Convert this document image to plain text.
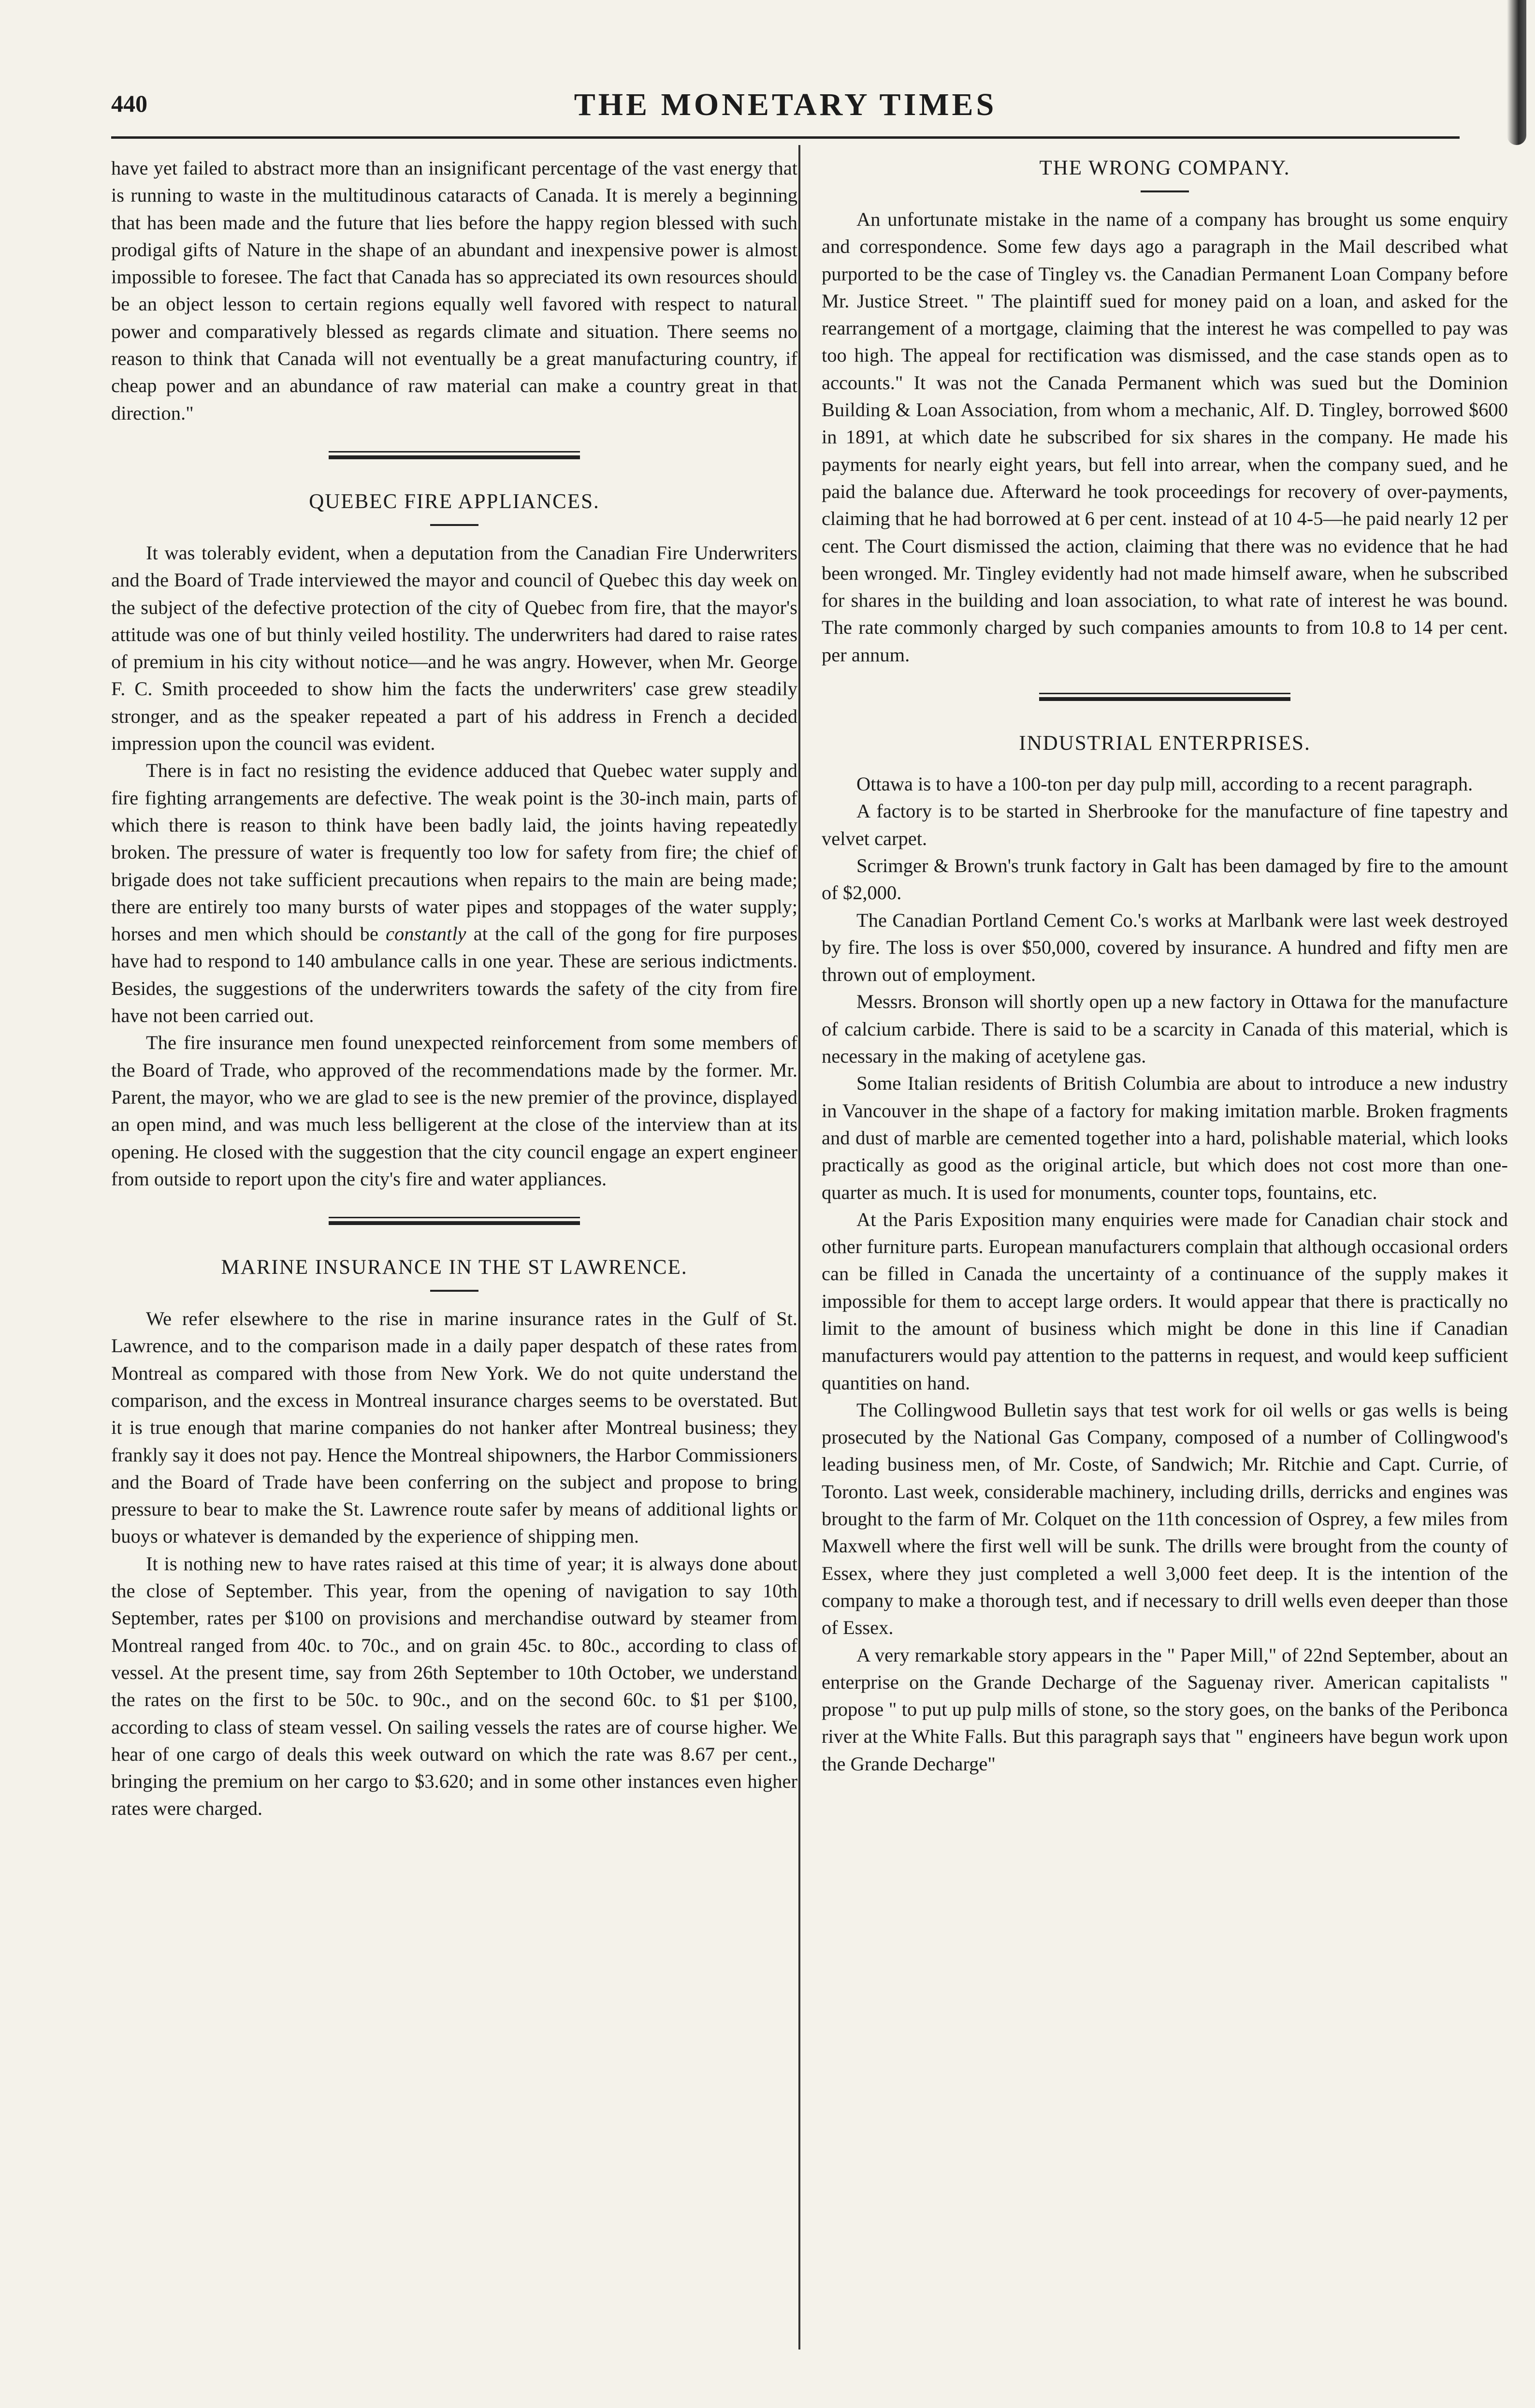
440	THE MONETARY TIMES

have yet failed to abstract more than an insignificant percentage of the vast energy that is running to waste in the multitudinous cataracts of Canada. It is merely a beginning that has been made and the future that lies before the happy region blessed with such prodigal gifts of Nature in the shape of an abundant and inexpensive power is almost impossible to foresee. The fact that Canada has so appreciated its own resources should be an object lesson to certain regions equally well favored with respect to natural power and comparatively blessed as regards climate and situation. There seems no reason to think that Canada will not eventually be a great manufacturing country, if cheap power and an abundance of raw material can make a country great in that direction."

QUEBEC FIRE APPLIANCES.

It was tolerably evident, when a deputation from the Canadian Fire Underwriters and the Board of Trade interviewed the mayor and council of Quebec this day week on the subject of the defective protection of the city of Quebec from fire, that the mayor's attitude was one of but thinly veiled hostility. The underwriters had dared to raise rates of premium in his city without notice—and he was angry. However, when Mr. George F. C. Smith proceeded to show him the facts the underwriters' case grew steadily stronger, and as the speaker repeated a part of his address in French a decided impression upon the council was evident.

There is in fact no resisting the evidence adduced that Quebec water supply and fire fighting arrangements are defective. The weak point is the 30-inch main, parts of which there is reason to think have been badly laid, the joints having repeatedly broken. The pressure of water is frequently too low for safety from fire; the chief of brigade does not take sufficient precautions when repairs to the main are being made; there are entirely too many bursts of water pipes and stoppages of the water supply; horses and men which should be constantly at the call of the gong for fire purposes have had to respond to 140 ambulance calls in one year. These are serious indictments. Besides, the suggestions of the underwriters towards the safety of the city from fire have not been carried out.

The fire insurance men found unexpected reinforcement from some members of the Board of Trade, who approved of the recommendations made by the former. Mr. Parent, the mayor, who we are glad to see is the new premier of the province, displayed an open mind, and was much less belligerent at the close of the interview than at its opening. He closed with the suggestion that the city council engage an expert engineer from outside to report upon the city's fire and water appliances.

MARINE INSURANCE IN THE ST LAWRENCE.

We refer elsewhere to the rise in marine insurance rates in the Gulf of St. Lawrence, and to the comparison made in a daily paper despatch of these rates from Montreal as compared with those from New York. We do not quite understand the comparison, and the excess in Montreal insurance charges seems to be overstated. But it is true enough that marine companies do not hanker after Montreal business; they frankly say it does not pay. Hence the Montreal shipowners, the Harbor Commissioners and the Board of Trade have been conferring on the subject and propose to bring pressure to bear to make the St. Lawrence route safer by means of additional lights or buoys or whatever is demanded by the experience of shipping men.

It is nothing new to have rates raised at this time of year; it is always done about the close of September. This year, from the opening of navigation to say 10th September, rates per $100 on provisions and merchandise outward by steamer from Montreal ranged from 40c. to 70c., and on grain 45c. to 80c., according to class of vessel. At the present time, say from 26th September to 10th October, we understand the rates on the first to be 50c. to 90c., and on the second 60c. to $1 per $100, according to class of steam vessel. On sailing vessels the rates are of course higher. We hear of one cargo of deals this week outward on which the rate was 8.67 per cent., bringing the premium on her cargo to $3.620; and in some other instances even higher rates were charged.

THE WRONG COMPANY.

An unfortunate mistake in the name of a company has brought us some enquiry and correspondence. Some few days ago a paragraph in the Mail described what purported to be the case of Tingley vs. the Canadian Permanent Loan Company before Mr. Justice Street. " The plaintiff sued for money paid on a loan, and asked for the rearrangement of a mortgage, claiming that the interest he was compelled to pay was too high. The appeal for rectification was dismissed, and the case stands open as to accounts." It was not the Canada Permanent which was sued but the Dominion Building & Loan Association, from whom a mechanic, Alf. D. Tingley, borrowed $600 in 1891, at which date he subscribed for six shares in the company. He made his payments for nearly eight years, but fell into arrear, when the company sued, and he paid the balance due. Afterward he took proceedings for recovery of over-payments, claiming that he had borrowed at 6 per cent. instead of at 10 4-5—he paid nearly 12 per cent. The Court dismissed the action, claiming that there was no evidence that he had been wronged. Mr. Tingley evidently had not made himself aware, when he subscribed for shares in the building and loan association, to what rate of interest he was bound. The rate commonly charged by such companies amounts to from 10.8 to 14 per cent. per annum.

INDUSTRIAL ENTERPRISES.

Ottawa is to have a 100-ton per day pulp mill, according to a recent paragraph.

A factory is to be started in Sherbrooke for the manufacture of fine tapestry and velvet carpet.

Scrimger & Brown's trunk factory in Galt has been damaged by fire to the amount of $2,000.

The Canadian Portland Cement Co.'s works at Marlbank were last week destroyed by fire. The loss is over $50,000, covered by insurance. A hundred and fifty men are thrown out of employment.

Messrs. Bronson will shortly open up a new factory in Ottawa for the manufacture of calcium carbide. There is said to be a scarcity in Canada of this material, which is necessary in the making of acetylene gas.

Some Italian residents of British Columbia are about to introduce a new industry in Vancouver in the shape of a factory for making imitation marble. Broken fragments and dust of marble are cemented together into a hard, polishable material, which looks practically as good as the original article, but which does not cost more than one-quarter as much. It is used for monuments, counter tops, fountains, etc.

At the Paris Exposition many enquiries were made for Canadian chair stock and other furniture parts. European manufacturers complain that although occasional orders can be filled in Canada the uncertainty of a continuance of the supply makes it impossible for them to accept large orders. It would appear that there is practically no limit to the amount of business which might be done in this line if Canadian manufacturers would pay attention to the patterns in request, and would keep sufficient quantities on hand.

The Collingwood Bulletin says that test work for oil wells or gas wells is being prosecuted by the National Gas Company, composed of a number of Collingwood's leading business men, of Mr. Coste, of Sandwich; Mr. Ritchie and Capt. Currie, of Toronto. Last week, considerable machinery, including drills, derricks and engines was brought to the farm of Mr. Colquet on the 11th concession of Osprey, a few miles from Maxwell where the first well will be sunk. The drills were brought from the county of Essex, where they just completed a well 3,000 feet deep. It is the intention of the company to make a thorough test, and if necessary to drill wells even deeper than those of Essex.

A very remarkable story appears in the " Paper Mill," of 22nd September, about an enterprise on the Grande Decharge of the Saguenay river. American capitalists " propose " to put up pulp mills of stone, so the story goes, on the banks of the Peribonca river at the White Falls. But this paragraph says that " engineers have begun work upon the Grande Decharge"
